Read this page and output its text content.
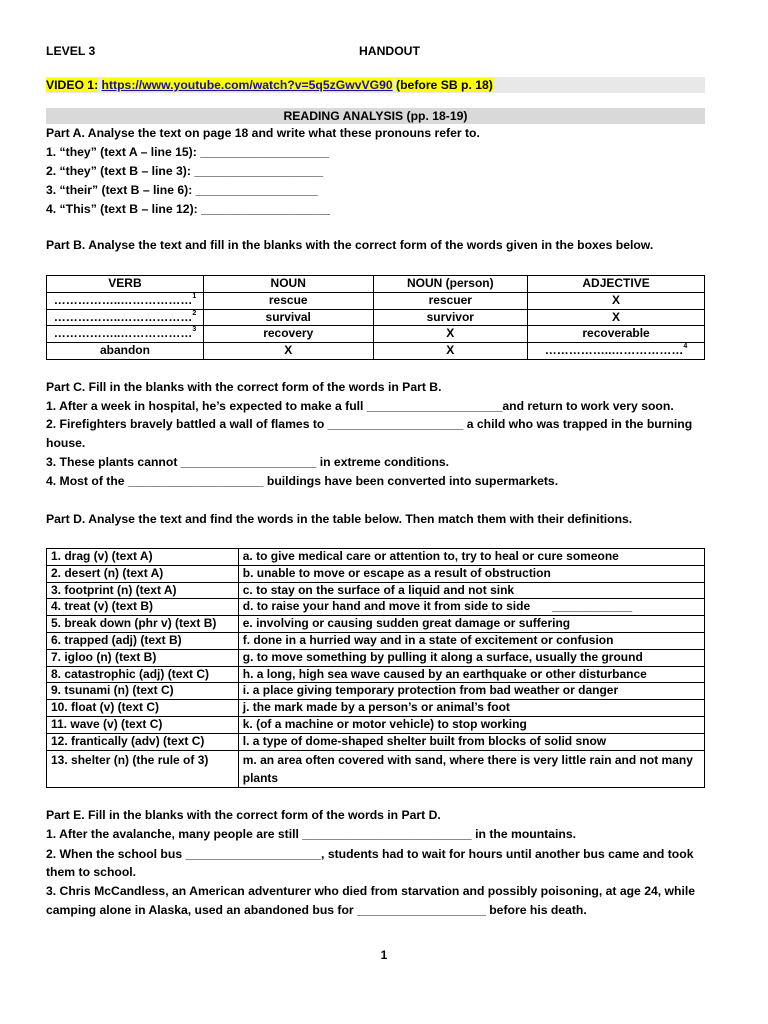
LEVEL 3	HANDOUT
VIDEO 1: https://www.youtube.com/watch?v=5q5zGwvVG90 (before SB p. 18)
READING ANALYSIS (pp. 18-19)
Part A. Analyse the text on page 18 and write what these pronouns refer to.
1. “they” (text A – line 15): ___________________
2. “they” (text B – line 3): ___________________
3. “their” (text B – line 6): __________________
4. “This” (text B – line 12): ___________________
Part B. Analyse the text and fill in the blanks with the correct form of the words given in the boxes below.
VERB	NOUN	NOUN (person)	ADJECTIVE
……………..………………$^1$	rescue	rescuer	X
……………..………………$^2$	survival	survivor	X
……………..………………$^3$	recovery	X	recoverable
abandon	X	X	……………..………………$^4$
Part C. Fill in the blanks with the correct form of the words in Part B.
1. After a week in hospital, he’s expected to make a full ____________________and return to work very soon.
2. Firefighters bravely battled a wall of flames to ____________________ a child who was trapped in the burning
house.
3. These plants cannot ____________________ in extreme conditions.
4. Most of the ____________________ buildings have been converted into supermarkets.
Part D. Analyse the text and find the words in the table below. Then match them with their definitions.
1. drag (v) (text A)	a. to give medical care or attention to, try to heal or cure someone
2. desert (n) (text A)	b. unable to move or escape as a result of obstruction
3. footprint (n) (text A)	c. to stay on the surface of a liquid and not sink
4. treat (v) (text B)	d. to raise your hand and move it from side to side ____________
5. break down (phr v) (text B)	e. involving or causing sudden great damage or suffering
6. trapped (adj) (text B)	f. done in a hurried way and in a state of excitement or confusion
7. igloo (n) (text B)	g. to move something by pulling it along a surface, usually the ground
8. catastrophic (adj) (text C)	h. a long, high sea wave caused by an earthquake or other disturbance
9. tsunami (n) (text C)	i. a place giving temporary protection from bad weather or danger
10. float (v) (text C)	j. the mark made by a person’s or animal’s foot
11. wave (v) (text C)	k. (of a machine or motor vehicle) to stop working
12. frantically (adv) (text C)	l. a type of dome-shaped shelter built from blocks of solid snow
13. shelter (n) (the rule of 3)	m. an area often covered with sand, where there is very little rain and not many plants
Part E. Fill in the blanks with the correct form of the words in Part D.
1. After the avalanche, many people are still _________________________ in the mountains.
2. When the school bus ____________________, students had to wait for hours until another bus came and took
them to school.
3. Chris McCandless, an American adventurer who died from starvation and possibly poisoning, at age 24, while
camping alone in Alaska, used an abandoned bus for ___________________ before his death.
1
